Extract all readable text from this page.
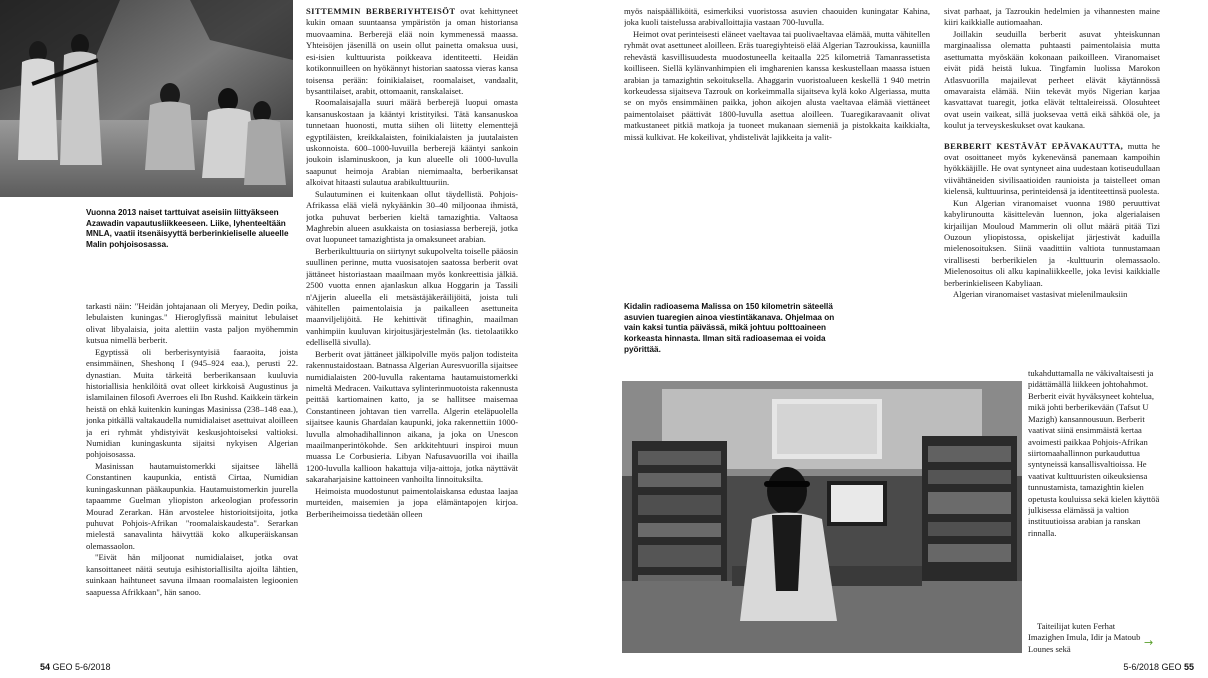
Vuonna 2013 naiset tarttuivat aseisiin liittyäkseen Azawadin vapautusliikkeeseen. Liike, lyhenteeltään MNLA, vaatii itsenäisyyttä berberinkieliselle alueelle Malin pohjoisosassa.

tarkasti näin: "Heidän johtajanaan oli Meryey, Dedin poika, lebulaisten kuningas." Hieroglyfissä mainitut lebulaiset olivat libyalaisia, joita alettiin vasta paljon myöhemmin kutsua nimellä berberit.

Egyptissä oli berberisyntyisiä faaraoita, joista ensimmäinen, Sheshonq I (945–924 eaa.), perusti 22. dynastian. Muita tärkeitä berberikansaan kuuluvia historiallisia henkilöitä ovat olleet kirkkoisä Augustinus ja islamilainen filosofi Averroes eli Ibn Rushd. Kaikkein tärkein heistä on ehkä kuitenkin kuningas Masinissa (238–148 eaa.), jonka pitkällä valtakaudella numidialaiset asettuivat aloilleen ja eri ryhmät yhdistyivät keskusjohtoiseksi valtioksi. Numidian kuningaskunta sijaitsi nykyisen Algerian pohjoisosassa.

Masinissan hautamuistomerkki sijaitsee lähellä Constantinen kaupunkia, entistä Cirtaa, Numidian kuningaskunnan pääkaupunkia. Hautamuistomerkin juurella tapaamme Guelman yliopiston arkeologian professorin Mourad Zerarkan. Hän arvostelee historioitsijoita, jotka puhuvat Pohjois-Afrikan "roomalaiskaudesta". Serarkan mielestä sanavalinta häivyttää koko alkuperäiskansan olemassaolon.

"Eivät hän miljoonat numidialaiset, jotka ovat kansoittaneet näitä seutuja esihistoriallisilta ajoilta lähtien, suinkaan haihtuneet savuna ilmaan roomalaisten legioonien saapuessa Afrikkaan", hän sanoo.

SITTEMMIN BERBERIYHTEISÖT ovat kehittyneet kukin omaan suuntaansa ympäristön ja oman historiansa muovaamina. Berberejä elää noin kymmenessä maassa. Yhteisöjen jäsenillä on usein ollut painetta omaksua uusi, esi-isien kulttuurista poikkeava identiteetti. Heidän kotikonnuilleen on hyökännyt historian saatossa vieras kansa toisensa perään: foinikialaiset, roomalaiset, vandaalit, bysanttilaiset, arabit, ottomaanit, ranskalaiset.

Roomalaisajalla suuri määrä berberejä luopui omasta kansanuskostaan ja kääntyi kristityiksi. Tätä kansanuskoa tunnetaan huonosti, mutta siihen oli liitetty elementtejä egyptiläisten, kreikkalaisten, foinikialaisten ja juutalaisten uskonnoista. 600–1000-luvuilla berberejä kääntyi sankoin joukoin islaminuskoon, ja kun alueelle oli 1000-luvulla saapunut heimoja Arabian niemimaalta, berberikansat alkoivat hitaasti sulautua arabikulttuuriin.

Sulautuminen ei kuitenkaan ollut täydellistä. Pohjois-Afrikassa elää vielä nykyäänkin 30–40 miljoonaa ihmistä, jotka puhuvat berberien kieltä tamazightia. Valtaosa Maghrebin alueen asukkaista on tosiasiassa berberejä, jotka ovat luopuneet tamazightista ja omaksuneet arabian.

Berberikulttuuria on siirtynyt sukupolvelta toiselle pääosin suullinen perinne, mutta vuosisatojen saatossa berberit ovat jättäneet historiastaan maailmaan myös konkreettisia jälkiä. 2500 vuotta ennen ajanlaskun alkua Hoggarin ja Tassili n'Ajjerin alueella eli metsästäjäkeräilijöitä, joista tuli vähitellen paimentolaisia ja paikalleen asettuneita maanviljelijöitä. He kehittivät tifinaghin, maailman vanhimpiin kuuluvan kirjoitusjärjestelmän (ks. tietolaatikko edellisellä sivulla).

Berberit ovat jättäneet jälkipolville myös paljon todisteita rakennustaidostaan. Batnassa Algerian Auresvuorilla sijaitsee numidialaisten 200-luvulla rakentama hautamuistomerkki nimeltä Medracen. Vaikuttava sylinterinmuotoista rakennusta peittää kartiomainen katto, ja se hallitsee maisemaa Constantineen johtavan tien varrella. Algerin eteläpuolella sijaitsee kaunis Ghardaïan kaupunki, joka rakennettiin 1000-luvulla almohadihallinnon aikana, ja joka on Unescon maailmanperintökohde. Sen arkkitehtuuri inspiroi muun muassa Le Corbusieria. Libyan Nafusavuorilla voi ihailla 1200-luvulla kallioon hakattuja vilja-aittoja, jotka näyttävät sakaraharjaisine kattoineen vanhoilta linnoituksilta.

Heimoista muodostunut paimentolaiskansa edustaa laajaa murteiden, maisemien ja jopa elämäntapojen kirjoa. Berberiheimoissa tiedetään olleen

54 GEO 5-6/2018

myös naispäälliköitä, esimerkiksi vuoristossa asuvien chaouiden kuningatar Kahina, joka kuoli taistelussa arabivalloittajia vastaan 700-luvulla.

Heimot ovat perinteisesti eläneet vaeltavaa tai puolivaeltavaa elämää, mutta vähitellen ryhmät ovat asettuneet aloilleen. Eräs tuaregiyhteisö elää Algerian Tazroukissa, kauniilla rehevästä kasvillisuudesta muodostuneella keitaalla 225 kilometriä Tamanrassetista koilliseen. Siellä kylänvanhimpien eli imgharenien kanssa keskustellaan maassa istuen arabian ja tamazightin sekoituksella. Ahaggarin vuoristoalueen keskellä 1 940 metrin korkeudessa sijaitseva Tazrouk on korkeimmalla sijaitseva kylä koko Algeriassa, mutta se on myös ensimmäinen paikka, johon aikojen alusta vaeltavaa elämää viettäneet paimentolaiset päättivät 1800-luvulla asettua aloilleen. Tuaregikaravaanit olivat matkustaneet pitkiä matkoja ja tuoneet mukanaan siemeniä ja pistokkaita kaikkialta, missä kulkivat. He kokeilivat, yhdistelivät lajikkeita ja valit-

Kidalin radioasema Malissa on 150 kilometrin säteellä asuvien tuaregien ainoa viestintäkanava. Ohjelmaa on vain kaksi tuntia päivässä, mikä johtuu polttoaineen korkeasta hinnasta. Ilman sitä radioasemaa ei voida pyörittää.

sivat parhaat, ja Tazroukin hedelmien ja vihannesten maine kiiri kaikkialle autiomaahan.

Joillakin seuduilla berberit asuvat yhteiskunnan marginaalissa olematta puhtaasti paimentolaisia mutta asettumatta myöskään kokonaan paikoilleen. Viranomaiset eivät pidä heistä lukua. Tingfamin luolissa Marokon Atlasvuorilla majailevat perheet elävät käytännössä omavaraista elämää. Niin tekevät myös Nigerian karjaa kasvattavat tuaregit, jotka elävät telttaleireissä. Olosuhteet ovat usein vaikeat, sillä juoksevaa vettä eikä sähköä ole, ja koulut ja terveyskeskukset ovat kaukana.

BERBERIT KESTÄVÄT EPÄVAKAUTTA, mutta he ovat osoittaneet myös kykenevänsä panemaan kampoihin hyökkääjille. He ovat syntyneet aina uudestaan kotiseudullaan viivähtäneiden sivilisaatioiden raunioista ja taistelleet oman kielensä, kulttuurinsa, perinteidensä ja identiteettinsä puolesta.

Kun Algerian viranomaiset vuonna 1980 peruuttivat kabylirunoutta käsittelevän luennon, joka algerialaisen kirjailijan Mouloud Mammerin oli ollut määrä pitää Tizi Ouzoun yliopistossa, opiskelijat järjestivät kaduilla mielenosoituksen. Siinä vaadittiin valtiota tunnustamaan virallisesti berberikielen ja -kulttuurin olemassaolo. Mielenosoitus oli alku kapinaliikkeelle, joka levisi kaikkialle berberinkieliseen Kabyliaan.

Algerian viranomaiset vastasivat mielenilmauksiin

tukahduttamalla ne väkivaltaisesti ja pidättämällä liikkeen johtohahmot. Berberit eivät hyväksyneet kohtelua, mikä johti berberikevään (Tafsut U Mazigh) kansannousuun. Berberit vaativat siinä ensimmäistä kertaa avoimesti paikkaa Pohjois-Afrikan siirtomaahallinnon purkauduttua syntyneissä kansallisvaltioissa. He vaativat kulttuuristen oikeuksiensa tunnustamista, tamazightin kielen opetusta kouluissa sekä kielen käyttöä julkisessa elämässä ja valtion instituutioissa arabian ja ranskan rinnalla.

Taiteilijat kuten Ferhat Imazighen Imula, Idir ja Matoub Lounes sekä	→
5-6/2018 GEO 55
